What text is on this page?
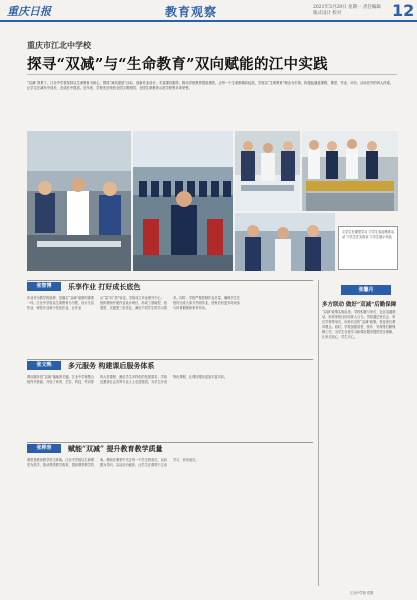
重庆日报	教育观察	2021年3月29日 星期一 责任编辑 版式设计 校对	12
重庆市江北中学校
探寻“双减”与“生命教育”双向赋能的江中实践
“双减”背景下，江北中学校坚持以生命教育为核心，围绕“减负提质”目标，创新作业设计，丰富课后服务，推动学校教育提质增效，让每一个生命都精彩绽放。学校以“生命教育”理念为引领，构建起涵盖课程、课堂、作业、评价、活动在内的育人体系，让学生在减负中成长，在成长中提质。近年来，学校先后荣获全国文明校园、全国生命教育示范学校等多项荣誉。
①学生在课堂学习 ②学生参加集体活动 ③学生在实验室 ④学生展示作品
张智博	乐享作业 打好成长底色
作业作为教学的延伸，是落实“双减”政策的重要一环。江北中学校以生命教育为引领，设计分层作业、弹性作业和个性化作业，让作业从“量”向“质”转变。学校成立作业研究中心，组织教师开展作业设计研讨，形成了基础型、拓展型、实践型三类作业，满足不同学生的学习需求。同时，学校严格控制作业总量，确保学生在校内完成大部分书面作业，回家后有更多时间参与体育锻炼和家务劳动。
张文晚	多元服务 构建课后服务体系
课后服务是“双减”落地的关键。江北中学校整合校内外资源，开设了体育、艺术、科技、劳动等四大类课程，满足学生多样化的发展需求。学校还邀请社会各界专业人士走进校园，为学生开设特色课程，让课后服务更加丰富多彩。
张桦容	赋能“双减” 提升教育教学质量
课堂是教育教学的主阵地。江北中学校以生命课堂为抓手，推动课堂教学改革，提高课堂教学效率。教师在课堂中关注每一个学生的成长，以问题为导向，以活动为载体，让学生在课堂中主动学习、快乐成长。
张馨月
多方联动 做好“双减”后勤保障
“双减”政策实施以来，学校积极与家长、社区沟通联动，形成家校社协同育人合力。学校通过家长会、家长学校等形式，向家长宣传“双减”政策，转变家长教育观念。同时，学校加强食堂、校车、安保等后勤保障工作，为学生在校学习和课后服务提供坚实保障，让家长放心、学生安心。
江北中学校 供图
